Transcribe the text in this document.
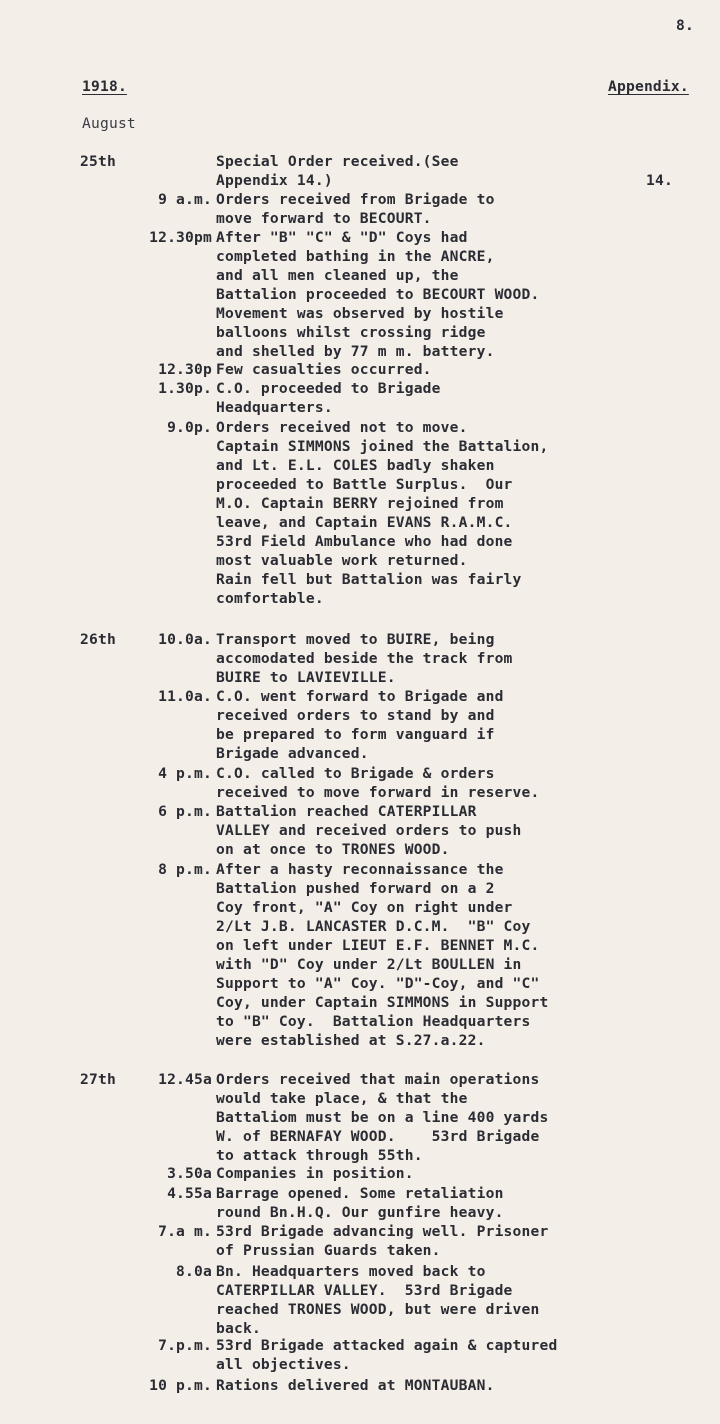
8.
1918.	Appendix.
August
25th	Special Order received.(See
Appendix 14.)	14.
9 a.m. Orders received from Brigade to
move forward to BECOURT.
12.30pm After "B" "C" & "D" Coys had
completed bathing in the ANCRE,
and all men cleaned up, the
Battalion proceeded to BECOURT WOOD.
Movement was observed by hostile
balloons whilst crossing ridge
and shelled by 77 m m. battery.
12.30p Few casualties occurred.
1.30p. C.O. proceeded to Brigade
Headquarters.
9.0p. Orders received not to move.
Captain SIMMONS joined the Battalion,
and Lt. E.L. COLES badly shaken
proceeded to Battle Surplus.  Our
M.O. Captain BERRY rejoined from
leave, and Captain EVANS R.A.M.C.
53rd Field Ambulance who had done
most valuable work returned.
Rain fell but Battalion was fairly
comfortable.
26th	10.0a. Transport moved to BUIRE, being
accomodated beside the track from
BUIRE to LAVIEVILLE.
11.0a. C.O. went forward to Brigade and
received orders to stand by and
be prepared to form vanguard if
Brigade advanced.
4 p.m. C.O. called to Brigade & orders
received to move forward in reserve.
6 p.m. Battalion reached CATERPILLAR
VALLEY and received orders to push
on at once to TRONES WOOD.
8 p.m. After a hasty reconnaissance the
Battalion pushed forward on a 2
Coy front, "A" Coy on right under
2/Lt J.B. LANCASTER D.C.M.  "B" Coy
on left under LIEUT E.F. BENNET M.C.
with "D" Coy under 2/Lt BOULLEN in
Support to "A" Coy. "D"-Coy, and "C"
Coy, under Captain SIMMONS in Support
to "B" Coy.  Battalion Headquarters
were established at S.27.a.22.
27th	12.45a Orders received that main operations
would take place, & that the
Battaliom must be on a line 400 yards
W. of BERNAFAY WOOD.    53rd Brigade
to attack through 55th.
3.50a Companies in position.
4.55a Barrage opened. Some retaliation
round Bn.H.Q. Our gunfire heavy.
7.a m. 53rd Brigade advancing well. Prisoner
of Prussian Guards taken.
8.0a Bn. Headquarters moved back to
CATERPILLAR VALLEY.  53rd Brigade
reached TRONES WOOD, but were driven
back.
7.p.m. 53rd Brigade attacked again & captured
all objectives.
10 p.m. Rations delivered at MONTAUBAN.
